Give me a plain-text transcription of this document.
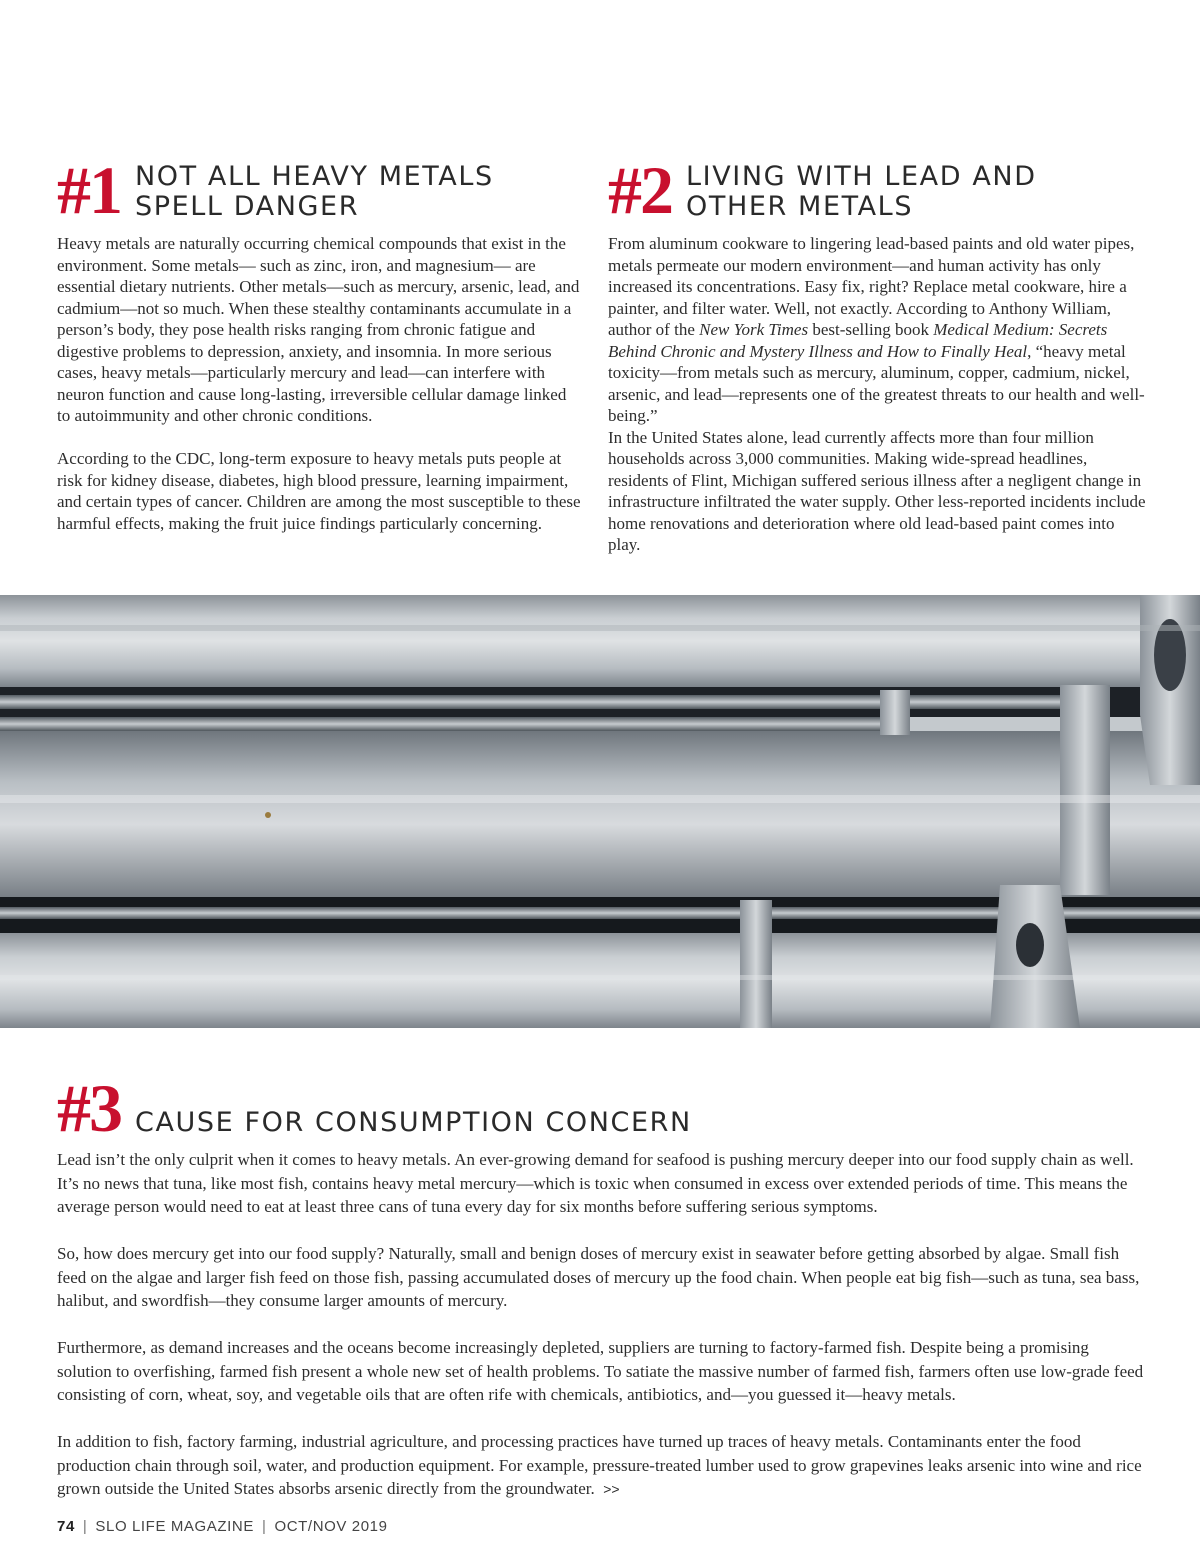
#1 NOT ALL HEAVY METALS
SPELL DANGER

Heavy metals are naturally occurring chemical compounds that exist in the environment. Some metals— such as zinc, iron, and magnesium— are essential dietary nutrients. Other metals—such as mercury, arsenic, lead, and cadmium—not so much. When these stealthy contaminants accumulate in a person’s body, they pose health risks ranging from chronic fatigue and digestive problems to depression, anxiety, and insomnia. In more serious cases, heavy metals—particularly mercury and lead—can interfere with neuron function and cause long-lasting, irreversible cellular damage linked to autoimmunity and other chronic conditions.

According to the CDC, long-term exposure to heavy metals puts people at risk for kidney disease, diabetes, high blood pressure, learning impairment, and certain types of cancer. Children are among the most susceptible to these harmful effects, making the fruit juice findings particularly concerning.

#2 LIVING WITH LEAD AND
OTHER METALS

From aluminum cookware to lingering lead-based paints and old water pipes, metals permeate our modern environment—and human activity has only increased its concentrations. Easy fix, right? Replace metal cookware, hire a painter, and filter water. Well, not exactly. According to Anthony William, author of the New York Times best-selling book Medical Medium: Secrets Behind Chronic and Mystery Illness and How to Finally Heal, “heavy metal toxicity—from metals such as mercury, aluminum, copper, cadmium, nickel, arsenic, and lead—represents one of the greatest threats to our health and well- being.”

In the United States alone, lead currently affects more than four million households across 3,000 communities. Making wide-spread headlines, residents of Flint, Michigan suffered serious illness after a negligent change in infrastructure infiltrated the water supply. Other less-reported incidents include home renovations and deterioration where old lead-based paint comes into play.

#3 CAUSE FOR CONSUMPTION CONCERN

Lead isn’t the only culprit when it comes to heavy metals. An ever-growing demand for seafood is pushing mercury deeper into our food supply chain as well. It’s no news that tuna, like most fish, contains heavy metal mercury—which is toxic when consumed in excess over extended periods of time. This means the average person would need to eat at least three cans of tuna every day for six months before suffering serious symptoms.

So, how does mercury get into our food supply? Naturally, small and benign doses of mercury exist in seawater before getting absorbed by algae. Small fish feed on the algae and larger fish feed on those fish, passing accumulated doses of mercury up the food chain. When people eat big fish—such as tuna, sea bass, halibut, and swordfish—they consume larger amounts of mercury.

Furthermore, as demand increases and the oceans become increasingly depleted, suppliers are turning to factory-farmed fish. Despite being a promising solution to overfishing, farmed fish present a whole new set of health problems. To satiate the massive number of farmed fish, farmers often use low-grade feed consisting of corn, wheat, soy, and vegetable oils that are often rife with chemicals, antibiotics, and—you guessed it—heavy metals.

In addition to fish, factory farming, industrial agriculture, and processing practices have turned up traces of heavy metals. Contaminants enter the food production chain through soil, water, and production equipment. For example, pressure-treated lumber used to grow grapevines leaks arsenic into wine and rice grown outside the United States absorbs arsenic directly from the groundwater. >>

74 | SLO LIFE MAGAZINE | OCT/NOV 2019
